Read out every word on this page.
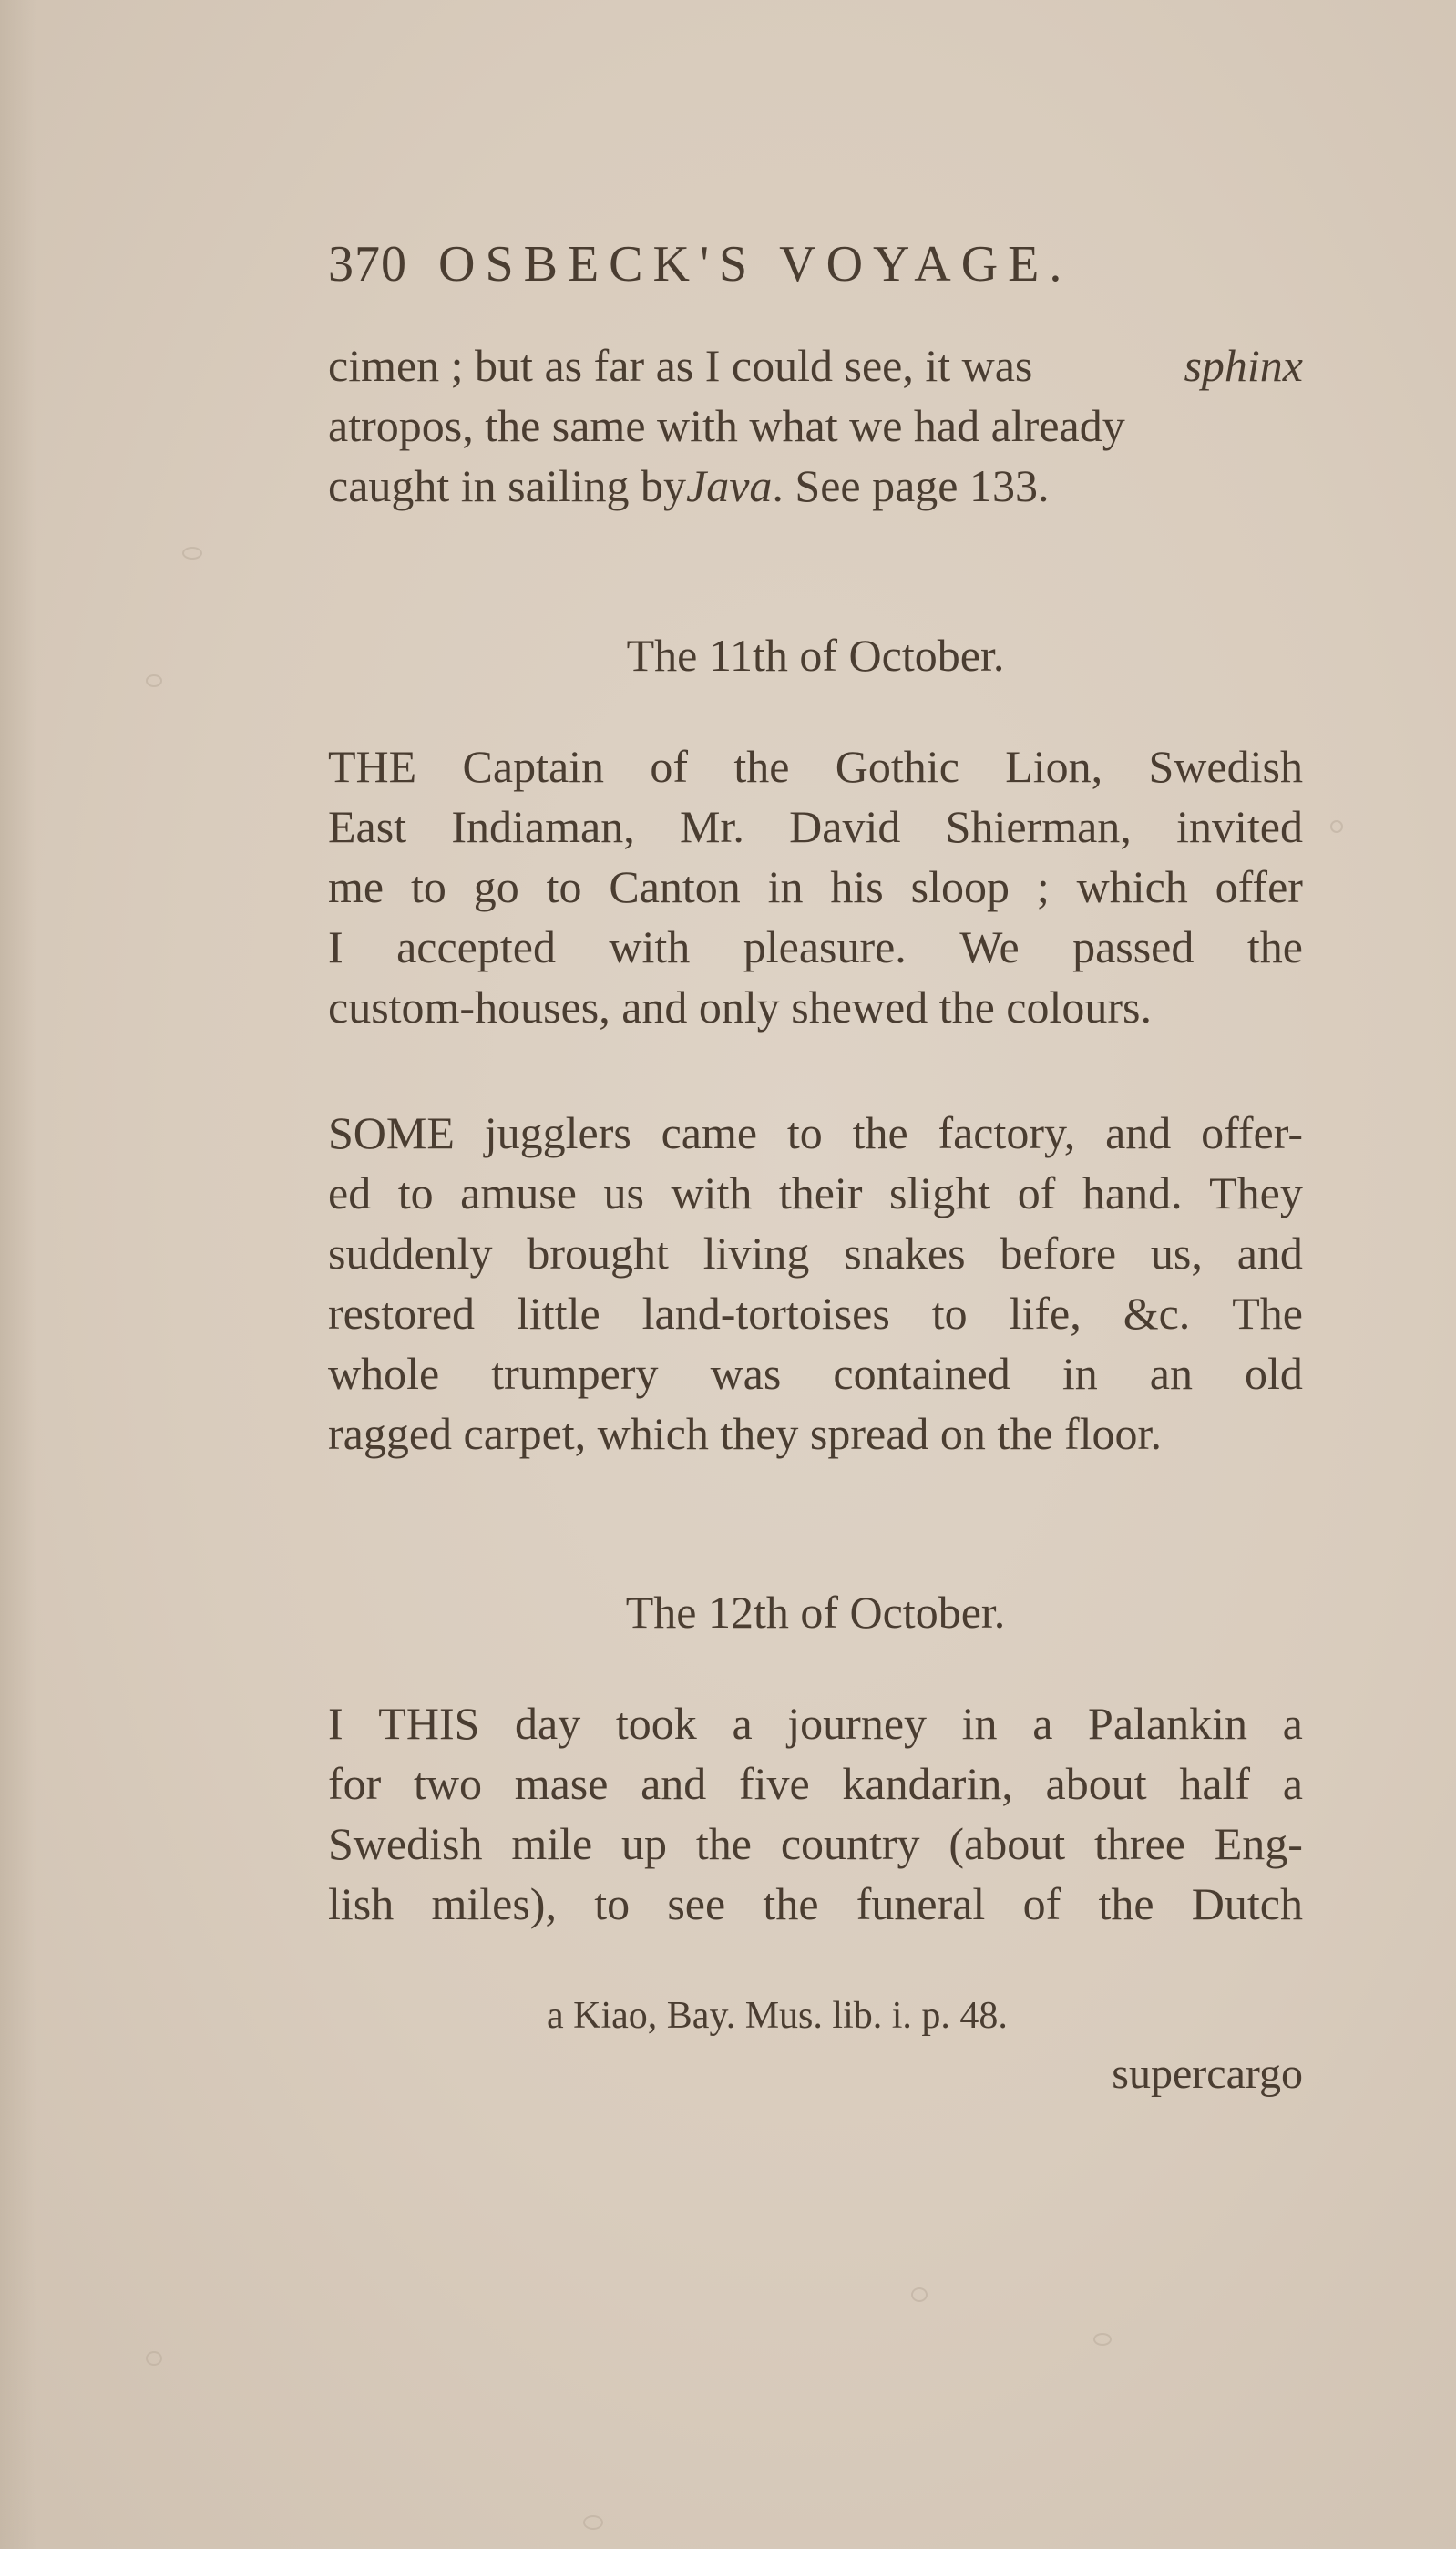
370 OSBECK'S VOYAGE.
cimen ; but as far as I could see, it was	sphinx
atropos, the same with what we had already
caught in sailing by Java . See page 133.
The 11th of October.
THE Captain of the Gothic Lion, Swedish
East Indiaman, Mr. David Shierman, invited
me to go to Canton in his sloop ; which offer
I accepted with pleasure. We passed the
custom-houses, and only shewed the colours.
SOME jugglers came to the factory, and offer-
ed to amuse us with their slight of hand. They
suddenly brought living snakes before us, and
restored little land-tortoises to life, &c. The
whole trumpery was contained in an old
ragged carpet, which they spread on the floor.
The 12th of October.
I THIS day took a journey in a Palankin a
for two mase and five kandarin, about half a
Swedish mile up the country (about three Eng-
lish miles), to see the funeral of the Dutch
a Kiao, Bay. Mus. lib. i. p. 48.
supercargo
